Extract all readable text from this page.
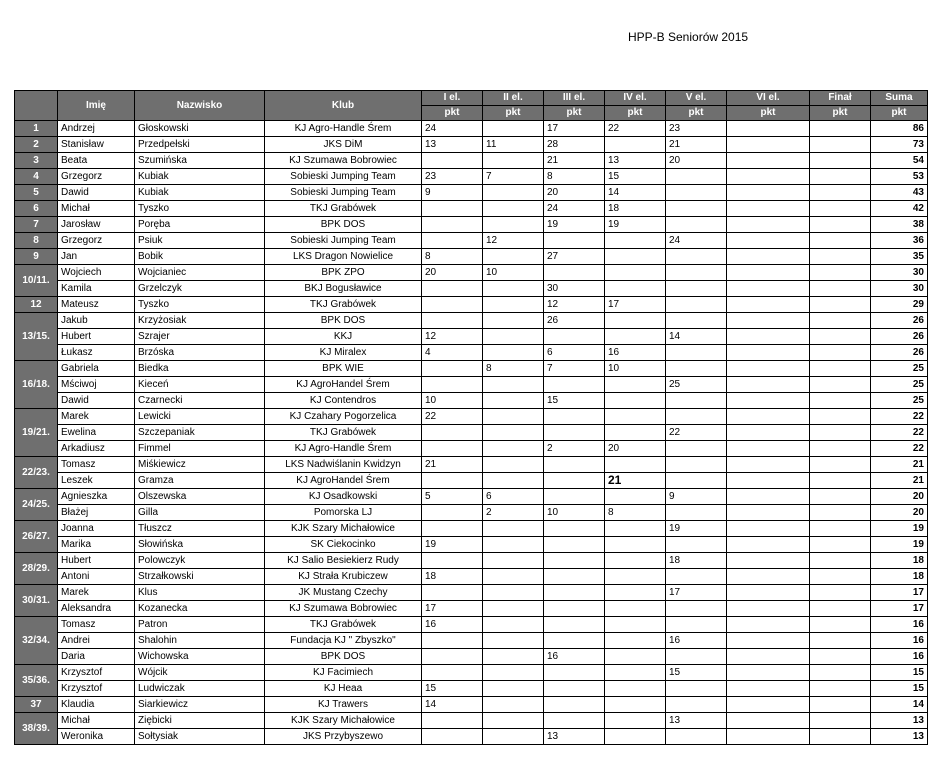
HPP-B Seniorów 2015
	Imię	Nazwisko	Klub	I el.	II el.	III el.	IV el.	V el.	VI el.	Finał	Suma
				pkt	pkt	pkt	pkt	pkt	pkt	pkt	pkt
1	Andrzej	Głoskowski	KJ Agro-Handle Śrem	24		17	22	23			86
2	Stanisław	Przedpełski	JKS DiM	13	11	28		21			73
3	Beata	Szumińska	KJ Szumawa Bobrowiec			21	13	20			54
4	Grzegorz	Kubiak	Sobieski Jumping Team	23	7	8	15				53
5	Dawid	Kubiak	Sobieski Jumping Team	9		20	14				43
6	Michał	Tyszko	TKJ Grabówek			24	18				42
7	Jarosław	Poręba	BPK DOS			19	19				38
8	Grzegorz	Psiuk	Sobieski Jumping Team		12			24			36
9	Jan	Bobik	LKS Dragon Nowielice	8		27					35
10/11.	Wojciech	Wojcianiec	BPK ZPO	20	10						30
	Kamila	Grzelczyk	BKJ Bogusławice			30					30
12	Mateusz	Tyszko	TKJ Grabówek			12	17				29
13/15.	Jakub	Krzyżosiak	BPK DOS			26					26
	Hubert	Szrajer	KKJ	12				14			26
	Łukasz	Brzóska	KJ Miralex	4		6	16				26
16/18.	Gabriela	Biedka	BPK WIE		8	7	10				25
	Mściwoj	Kieceń	KJ AgroHandel Śrem					25			25
	Dawid	Czarnecki	KJ Contendros	10		15					25
19/21.	Marek	Lewicki	KJ Czahary Pogorzelica	22							22
	Ewelina	Szczepaniak	TKJ Grabówek					22			22
	Arkadiusz	Fimmel	KJ Agro-Handle Śrem			2	20				22
22/23.	Tomasz	Miśkiewicz	LKS Nadwiślanin Kwidzyn	21							21
	Leszek	Gramza	KJ AgroHandel Śrem				21				21
24/25.	Agnieszka	Olszewska	KJ Osadkowski	5	6			9			20
	Błażej	Gilla	Pomorska LJ		2	10	8				20
26/27.	Joanna	Tłuszcz	KJK Szary Michałowice					19			19
	Marika	Słowińska	SK Ciekocinko	19							19
28/29.	Hubert	Polowczyk	KJ Salio Besiekierz Rudy					18			18
	Antoni	Strzałkowski	KJ Strała Krubiczew	18							18
30/31.	Marek	Klus	JK Mustang Czechy					17			17
	Aleksandra	Kozanecka	KJ Szumawa Bobrowiec	17							17
32/34.	Tomasz	Patron	TKJ Grabówek	16							16
	Andrei	Shalohin	Fundacja KJ " Zbyszko"					16			16
	Daria	Wichowska	BPK DOS			16					16
35/36.	Krzysztof	Wójcik	KJ Facimiech					15			15
	Krzysztof	Ludwiczak	KJ Heaa	15							15
37	Klaudia	Siarkiewicz	KJ Trawers	14							14
38/39.	Michał	Ziębicki	KJK Szary Michałowice					13			13
	Weronika	Sołtysiak	JKS Przybyszewo			13					13
